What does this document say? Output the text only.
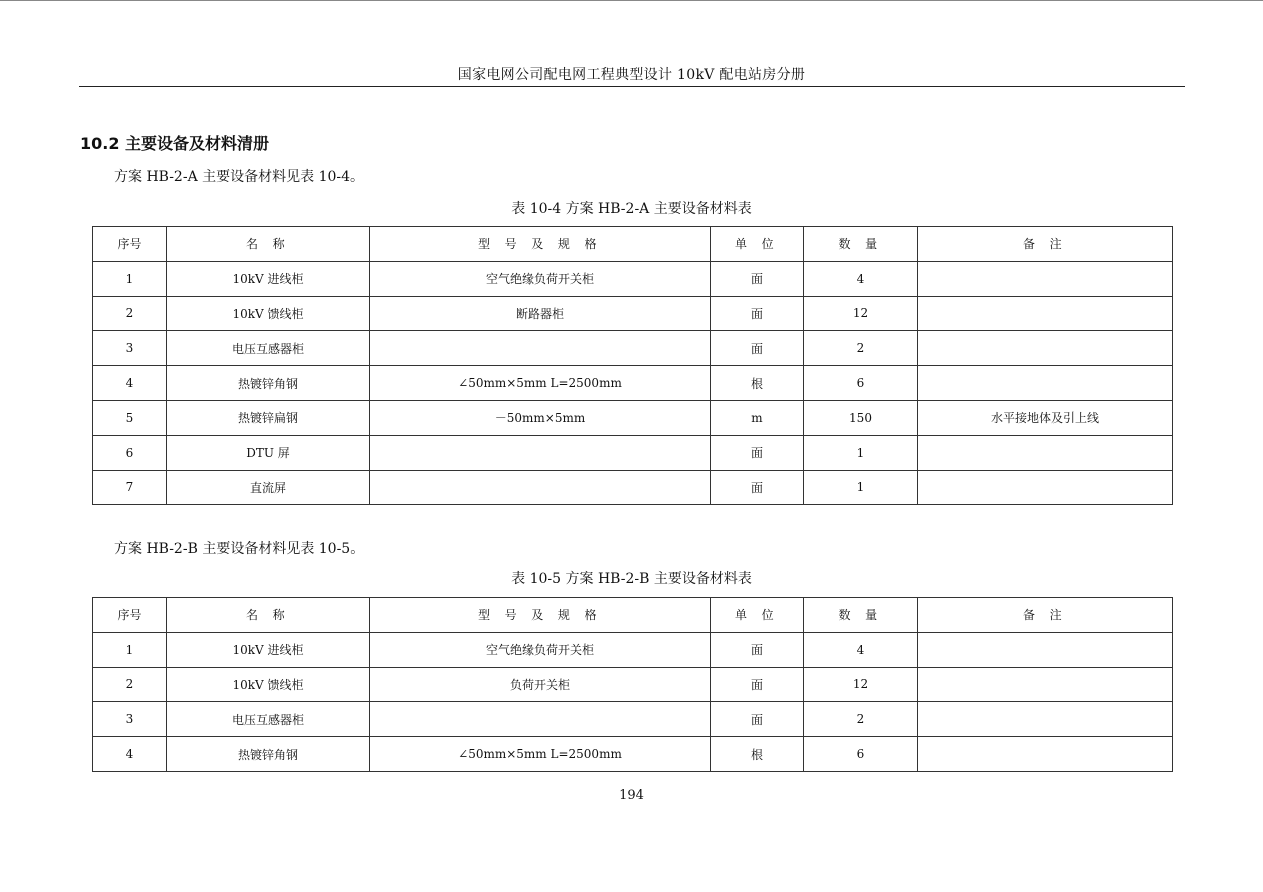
国家电网公司配电网工程典型设计 10kV 配电站房分册
10.2 主要设备及材料清册
方案 HB-2-A 主要设备材料见表 10-4。
表 10-4 方案 HB-2-A 主要设备材料表
序号	名 称	型 号 及 规 格	单 位	数 量	备 注
1	10kV 进线柜	空气绝缘负荷开关柜	面	4	
2	10kV 馈线柜	断路器柜	面	12	
3	电压互感器柜		面	2	
4	热镀锌角钢	∠50mm×5mm L=2500mm	根	6	
5	热镀锌扁钢	－50mm×5mm	m	150	水平接地体及引上线
6	DTU 屏		面	1	
7	直流屏		面	1	
方案 HB-2-B 主要设备材料见表 10-5。
表 10-5 方案 HB-2-B 主要设备材料表
序号	名 称	型 号 及 规 格	单 位	数 量	备 注
1	10kV 进线柜	空气绝缘负荷开关柜	面	4	
2	10kV 馈线柜	负荷开关柜	面	12	
3	电压互感器柜		面	2	
4	热镀锌角钢	∠50mm×5mm L=2500mm	根	6	
194
